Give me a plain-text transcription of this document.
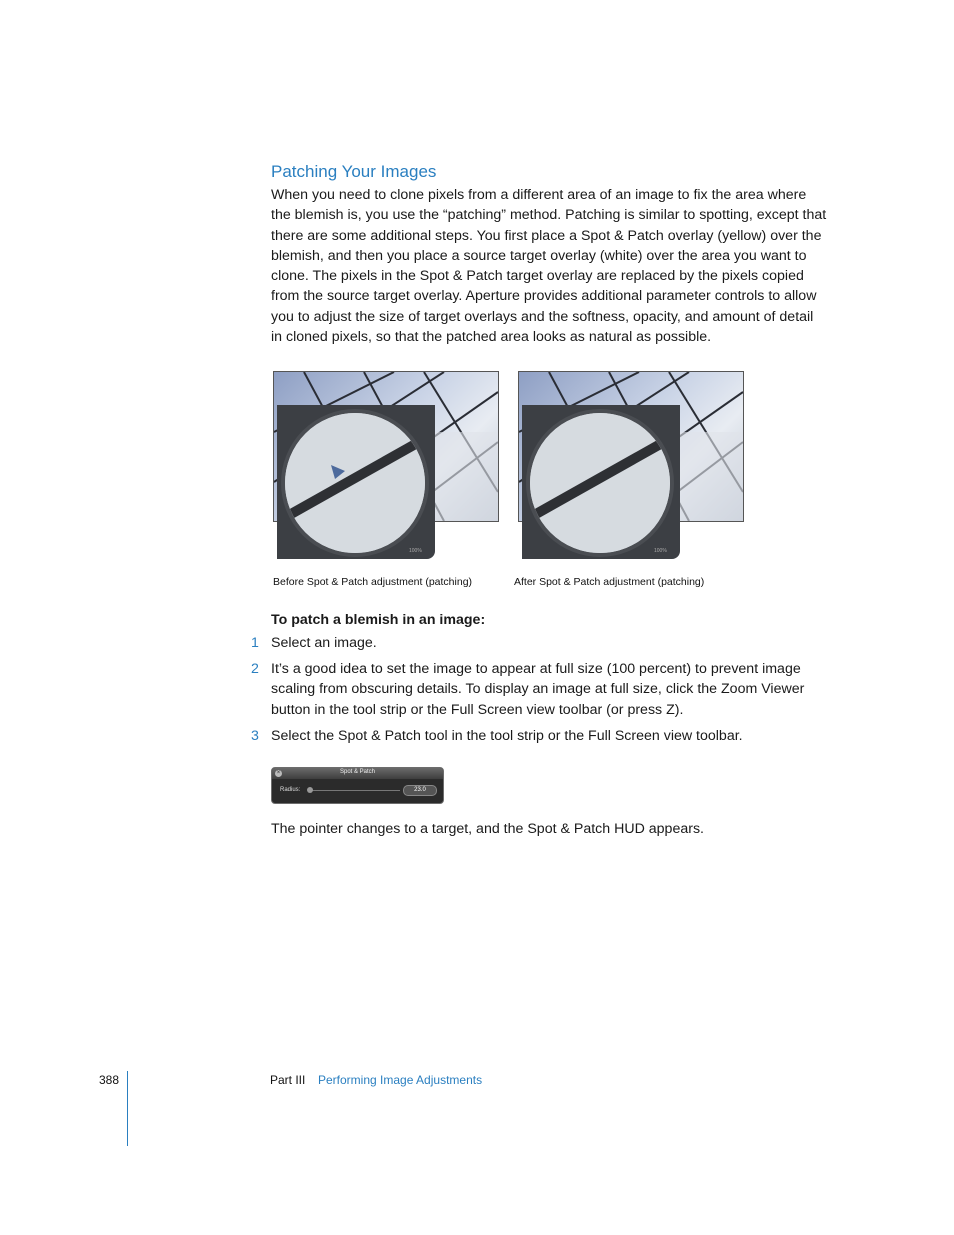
Patching Your Images

When you need to clone pixels from a different area of an image to fix the area where the blemish is, you use the “patching” method. Patching is similar to spotting, except that there are some additional steps. You first place a Spot & Patch overlay (yellow) over the blemish, and then you place a source target overlay (white) over the area you want to clone. The pixels in the Spot & Patch target overlay are replaced by the pixels copied from the source target overlay. Aperture provides additional parameter controls to allow you to adjust the size of target overlays and the softness, opacity, and amount of detail in cloned pixels, so that the patched area looks as natural as possible.

100%
Before Spot & Patch adjustment (patching)
100%
After Spot & Patch adjustment (patching)

To patch a blemish in an image:

1 Select an image.
2 It’s a good idea to set the image to appear at full size (100 percent) to prevent image scaling from obscuring details. To display an image at full size, click the Zoom Viewer button in the tool strip or the Full Screen view toolbar (or press Z).
3 Select the Spot & Patch tool in the tool strip or the Full Screen view toolbar.
×	Spot & Patch
Radius:	23.0

The pointer changes to a target, and the Spot & Patch HUD appears.

388	Part III Performing Image Adjustments
